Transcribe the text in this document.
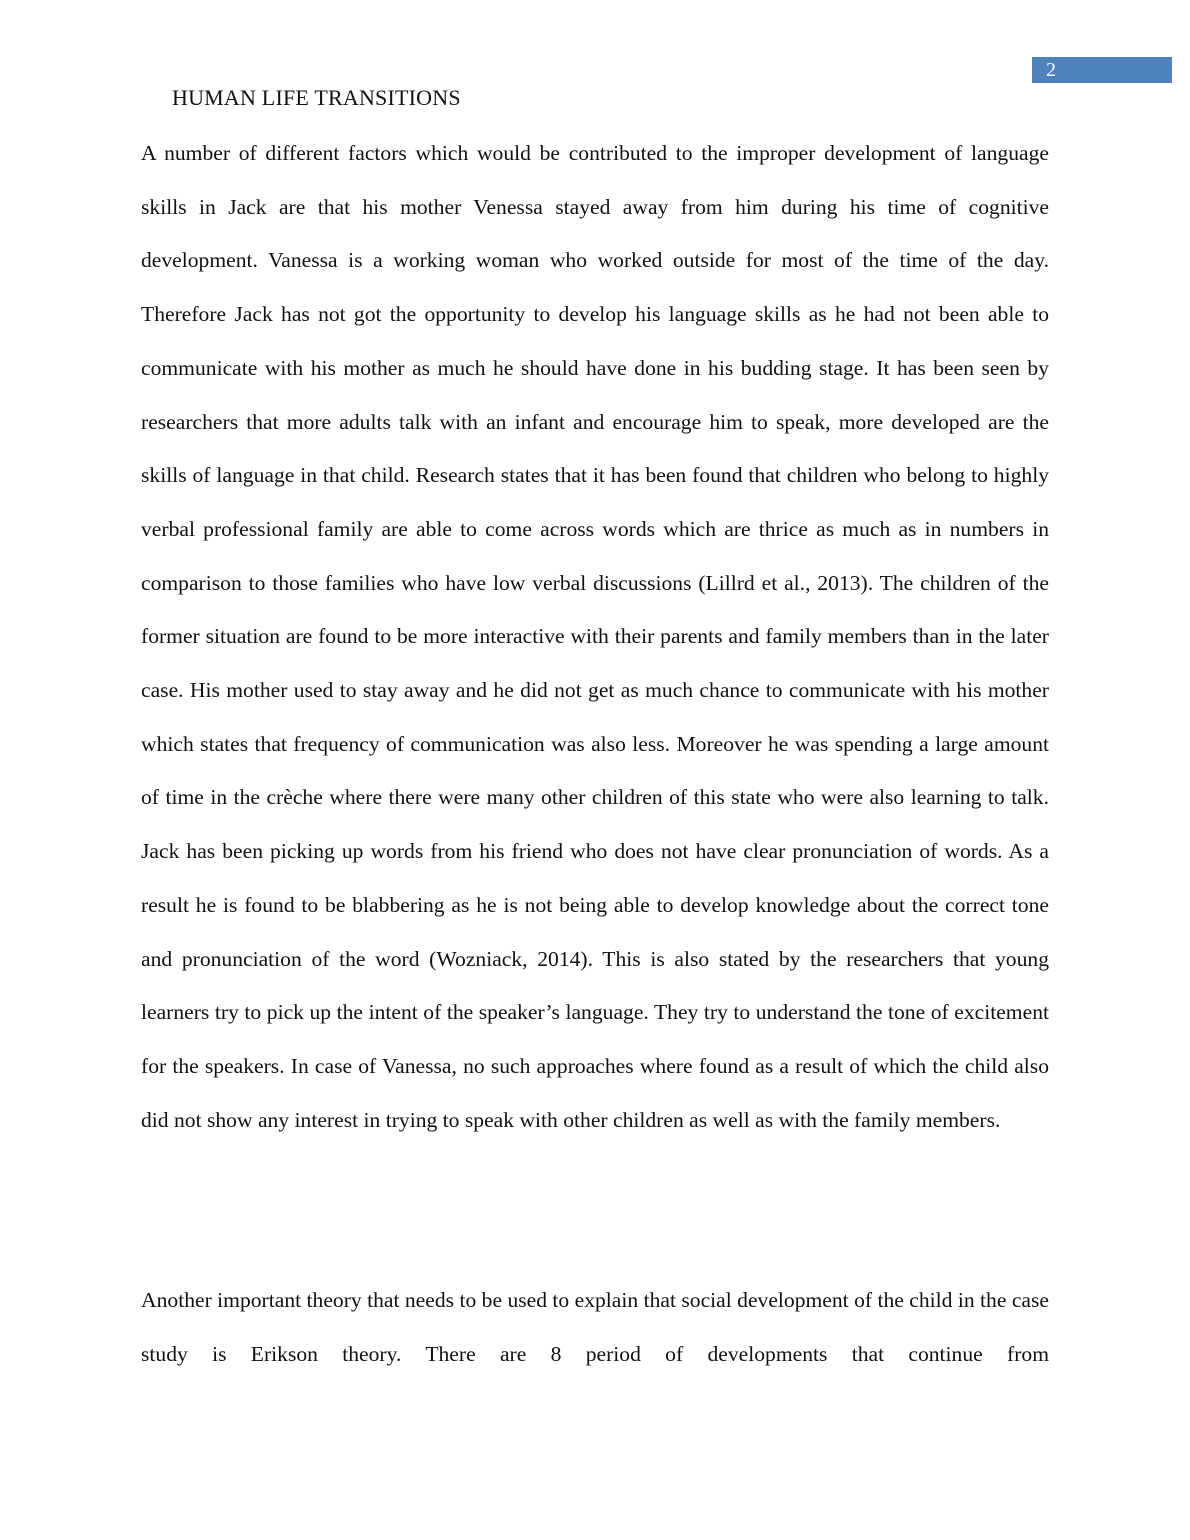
2
HUMAN LIFE TRANSITIONS

A number of different factors which would be contributed to the improper development of language skills in Jack are that his mother Venessa stayed away from him during his time of cognitive development. Vanessa is a working woman who worked outside for most of the time of the day. Therefore Jack has not got the opportunity to develop his language skills as he had not been able to communicate with his mother as much he should have done in his budding stage. It has been seen by researchers that more adults talk with an infant and encourage him to speak, more developed are the skills of language in that child. Research states that it has been found that children who belong to highly verbal professional family are able to come across words which are thrice as much as in numbers in comparison to those families who have low verbal discussions (Lillrd et al., 2013). The children of the former situation are found to be more interactive with their parents and family members than in the later case. His mother used to stay away and he did not get as much chance to communicate with his mother which states that frequency of communication was also less. Moreover he was spending a large amount of time in the crèche where there were many other children of this state who were also learning to talk. Jack has been picking up words from his friend who does not have clear pronunciation of words. As a result he is found to be blabbering as he is not being able to develop knowledge about the correct tone and pronunciation of the word (Wozniack, 2014). This is also stated by the researchers that young learners try to pick up the intent of the speaker’s language. They try to understand the tone of excitement for the speakers. In case of Vanessa, no such approaches where found as a result of which the child also did not show any interest in trying to speak with other children as well as with the family members.

Another important theory that needs to be used to explain that social development of the child in the case study is Erikson theory. There are 8 period of developments that continue from
